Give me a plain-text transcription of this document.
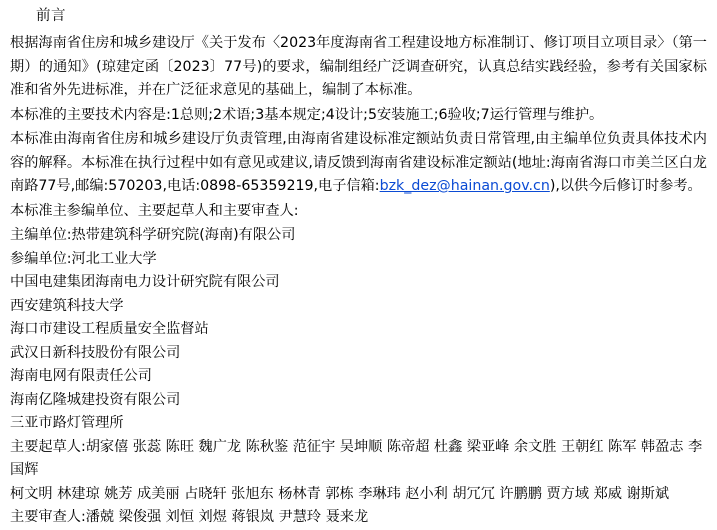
前言

根据海南省住房和城乡建设厅《关于发布〈2023年度海南省工程建设地方标准制订、修订项目立项目录〉（第一期）的通知》(琼建定函〔2023〕77号)的要求，编制组经广泛调查研究，认真总结实践经验，参考有关国家标准和省外先进标准，并在广泛征求意见的基础上，编制了本标准。

本标准的主要技术内容是:1总则;2术语;3基本规定;4设计;5安装施工;6验收;7运行管理与维护。

本标准由海南省住房和城乡建设厅负责管理,由海南省建设标准定额站负责日常管理,由主编单位负责具体技术内容的解释。本标准在执行过程中如有意见或建议,请反馈到海南省建设标准定额站(地址:海南省海口市美兰区白龙南路77号,邮编:570203,电话:0898-65359219,电子信箱:bzk_dez@hainan.gov.cn),以供今后修订时参考。

本标准主参编单位、主要起草人和主要审查人:

主编单位:热带建筑科学研究院(海南)有限公司

参编单位:河北工业大学

中国电建集团海南电力设计研究院有限公司

西安建筑科技大学

海口市建设工程质量安全监督站

武汉日新科技股份有限公司

海南电网有限责任公司

海南亿隆城建投资有限公司

三亚市路灯管理所

主要起草人:胡家僖 张蕊 陈旺 魏广龙 陈秋鉴 范征宇 吴坤顺 陈帝超 杜鑫 梁亚峰 余文胜 王朝红 陈军 韩盈志 李国辉

柯文明 林建琼 姚芳 成美丽 占晓轩 张旭东 杨林青 郭栋 李琳玮 赵小利 胡冗冗 许鹏鹏 贾方域 郑威 谢斯斌

主要审查人:潘兢 梁俊强 刘恒 刘煜 蒋银岚 尹慧玲 聂来龙
